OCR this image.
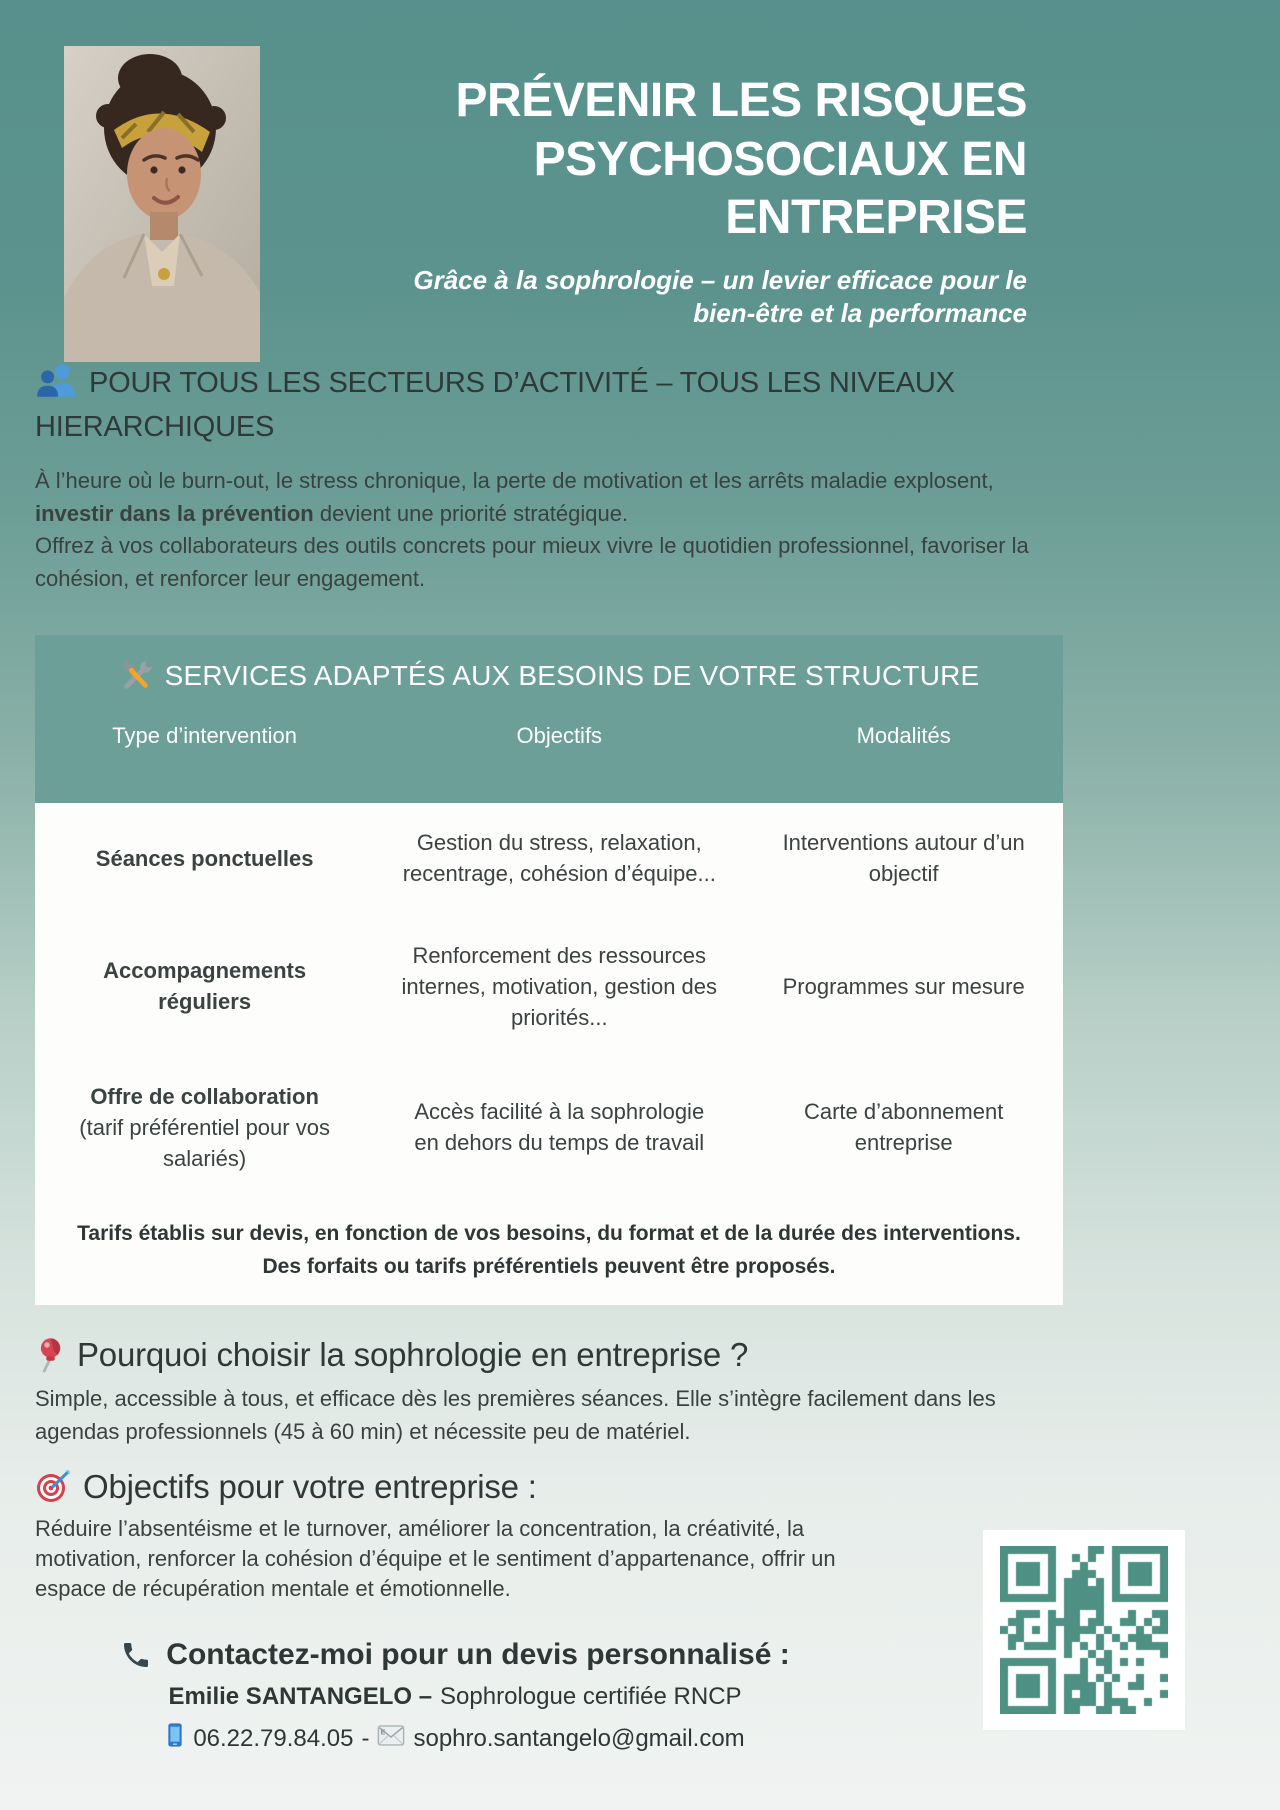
PRÉVENIR LES RISQUES PSYCHOSOCIAUX EN ENTREPRISE
Grâce à la sophrologie – un levier efficace pour le bien-être et la performance
POUR TOUS LES SECTEURS D’ACTIVITÉ – TOUS LES NIVEAUX HIERARCHIQUES

À l’heure où le burn-out, le stress chronique, la perte de motivation et les arrêts maladie explosent, investir dans la prévention devient une priorité stratégique.

Offrez à vos collaborateurs des outils concrets pour mieux vivre le quotidien professionnel, favoriser la cohésion, et renforcer leur engagement.

SERVICES ADAPTÉS AUX BESOINS DE VOTRE STRUCTURE
Type d’intervention	Objectifs	Modalités
Séances ponctuelles
Gestion du stress, relaxation, recentrage, cohésion d’équipe...
Interventions autour d’un objectif
Accompagnements réguliers
Renforcement des ressources internes, motivation, gestion des priorités...
Programmes sur mesure
Offre de collaboration
(tarif préférentiel pour vos salariés)
Accès facilité à la sophrologie en dehors du temps de travail
Carte d’abonnement entreprise
Tarifs établis sur devis, en fonction de vos besoins, du format et de la durée des interventions.
Des forfaits ou tarifs préférentiels peuvent être proposés.
Pourquoi choisir la sophrologie en entreprise ?

Simple, accessible à tous, et efficace dès les premières séances. Elle s’intègre facilement dans les agendas professionnels (45 à 60 min) et nécessite peu de matériel.

Objectifs pour votre entreprise :

Réduire l’absentéisme et le turnover, améliorer la concentration, la créativité, la motivation, renforcer la cohésion d’équipe et le sentiment d’appartenance, offrir un espace de récupération mentale et émotionnelle.

Contactez-moi pour un devis personnalisé :
Emilie SANTANGELO – Sophrologue certifiée RNCP
06.22.79.84.05 - E sophro.santangelo@gmail.com
